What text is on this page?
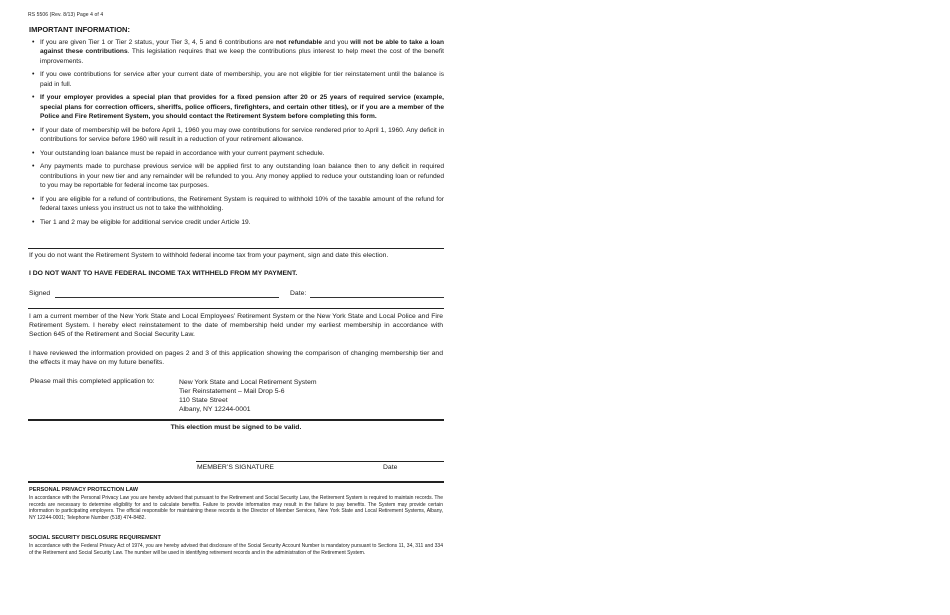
RS 5506 (Rev. 8/13) Page 4 of 4
IMPORTANT INFORMATION:
• If you are given Tier 1 or Tier 2 status, your Tier 3, 4, 5 and 6 contributions are not refundable and you will not be able to take a loan against these contributions. This legislation requires that we keep the contributions plus interest to help meet the cost of the benefit improvements.
• If you owe contributions for service after your current date of membership, you are not eligible for tier reinstatement until the balance is paid in full.
• If your employer provides a special plan that provides for a fixed pension after 20 or 25 years of required service (example, special plans for correction officers, sheriffs, police officers, firefighters, and certain other titles), or if you are a member of the Police and Fire Retirement System, you should contact the Retirement System before completing this form.
• If your date of membership will be before April 1, 1960 you may owe contributions for service rendered prior to April 1, 1960. Any deficit in contributions for service before 1960 will result in a reduction of your retirement allowance.
• Your outstanding loan balance must be repaid in accordance with your current payment schedule.
• Any payments made to purchase previous service will be applied first to any outstanding loan balance then to any deficit in required contributions in your new tier and any remainder will be refunded to you. Any money applied to reduce your outstanding loan or refunded to you may be reportable for federal income tax purposes.
• If you are eligible for a refund of contributions, the Retirement System is required to withhold 10% of the taxable amount of the refund for federal taxes unless you instruct us not to take the withholding.
• Tier 1 and 2 may be eligible for additional service credit under Article 19.
If you do not want the Retirement System to withhold federal income tax from your payment, sign and date this election.
I DO NOT WANT TO HAVE FEDERAL INCOME TAX WITHHELD FROM MY PAYMENT.
Signed	Date:
I am a current member of the New York State and Local Employees’ Retirement System or the New York State and Local Police and Fire Retirement System. I hereby elect reinstatement to the date of membership held under my earliest membership in accordance with Section 645 of the Retirement and Social Security Law.
I have reviewed the information provided on pages 2 and 3 of this application showing the comparison of changing membership tier and the effects it may have on my future benefits.
Please mail this completed application to:	New York State and Local Retirement System
Tier Reinstatement – Mail Drop 5-6
110 State Street
Albany, NY 12244-0001
This election must be signed to be valid.
MEMBER’S SIGNATURE	Date
PERSONAL PRIVACY PROTECTION LAW
In accordance with the Personal Privacy Law you are hereby advised that pursuant to the Retirement and Social Security Law, the Retirement System is required to maintain records. The records are necessary to determine eligibility for and to calculate benefits. Failure to provide information may result in the failure to pay benefits. The System may provide certain information to participating employers. The official responsible for maintaining these records is the Director of Member Services, New York State and Local Retirement Systems, Albany, NY 12244-0001; Telephone Number (518) 474-8482.
SOCIAL SECURITY DISCLOSURE REQUIREMENT
In accordance with the Federal Privacy Act of 1974, you are hereby advised that disclosure of the Social Security Account Number is mandatory pursuant to Sections 11, 34, 311 and 334 of the Retirement and Social Security Law. The number will be used in identifying retirement records and in the administration of the Retirement System.
